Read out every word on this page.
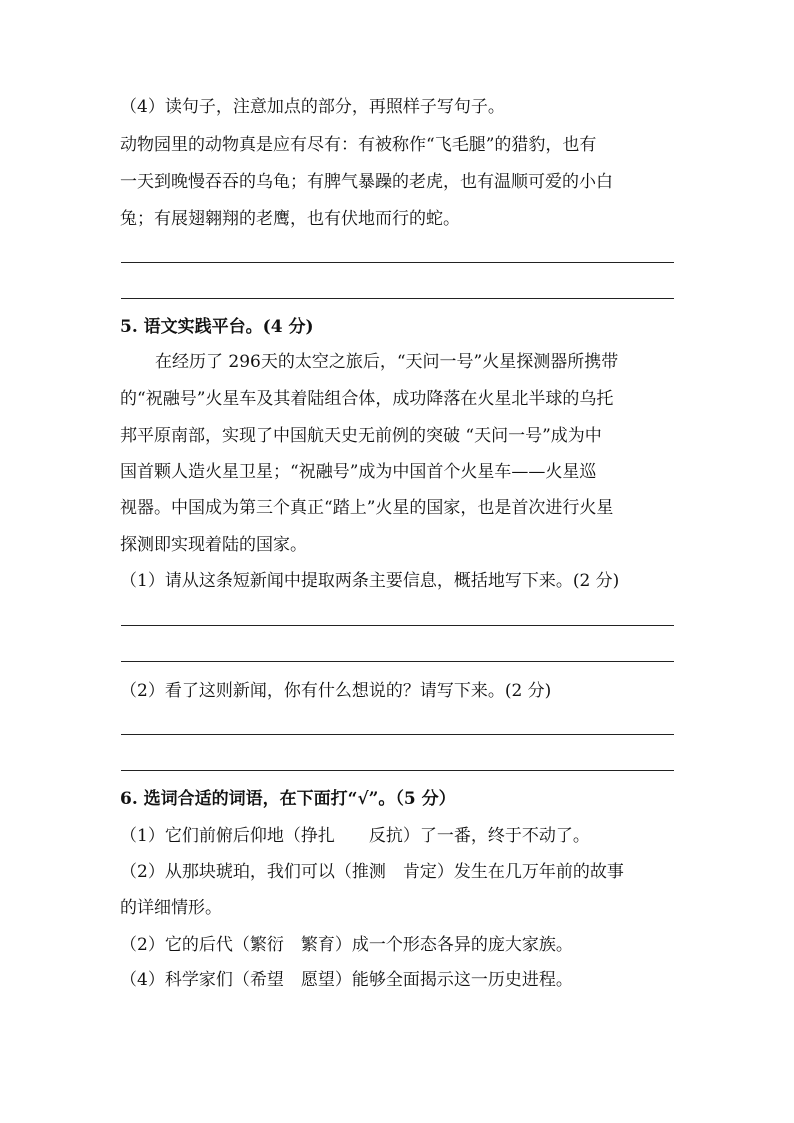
（4）读句子，注意加点的部分，再照样子写句子。
动物园里的动物真是应有尽有：有被称作“飞毛腿”的猎豹，也有
一天到晚慢吞吞的乌龟；有脾气暴躁的老虎，也有温顺可爱的小白
兔；有展翅翱翔的老鹰，也有伏地而行的蛇。
5. 语文实践平台。(4 分)
在经历了 296天的太空之旅后，“天问一号”火星探测器所携带
的“祝融号”火星车及其着陆组合体，成功降落在火星北半球的乌托
邦平原南部，实现了中国航天史无前例的突破 “天问一号”成为中
国首颗人造火星卫星；“祝融号”成为中国首个火星车——火星巡
视器。中国成为第三个真正“踏上”火星的国家，也是首次进行火星
探测即实现着陆的国家。
（1）请从这条短新闻中提取两条主要信息，概括地写下来。(2 分)
（2）看了这则新闻，你有什么想说的？请写下来。(2 分)
6. 选词合适的词语，在下面打“√”。（5 分）
（1）它们前俯后仰地（挣扎　　反抗）了一番，终于不动了。
（2）从那块琥珀，我们可以（推测　肯定）发生在几万年前的故事
的详细情形。
（2）它的后代（繁衍　繁育）成一个形态各异的庞大家族。
（4）科学家们（希望　愿望）能够全面揭示这一历史进程。
